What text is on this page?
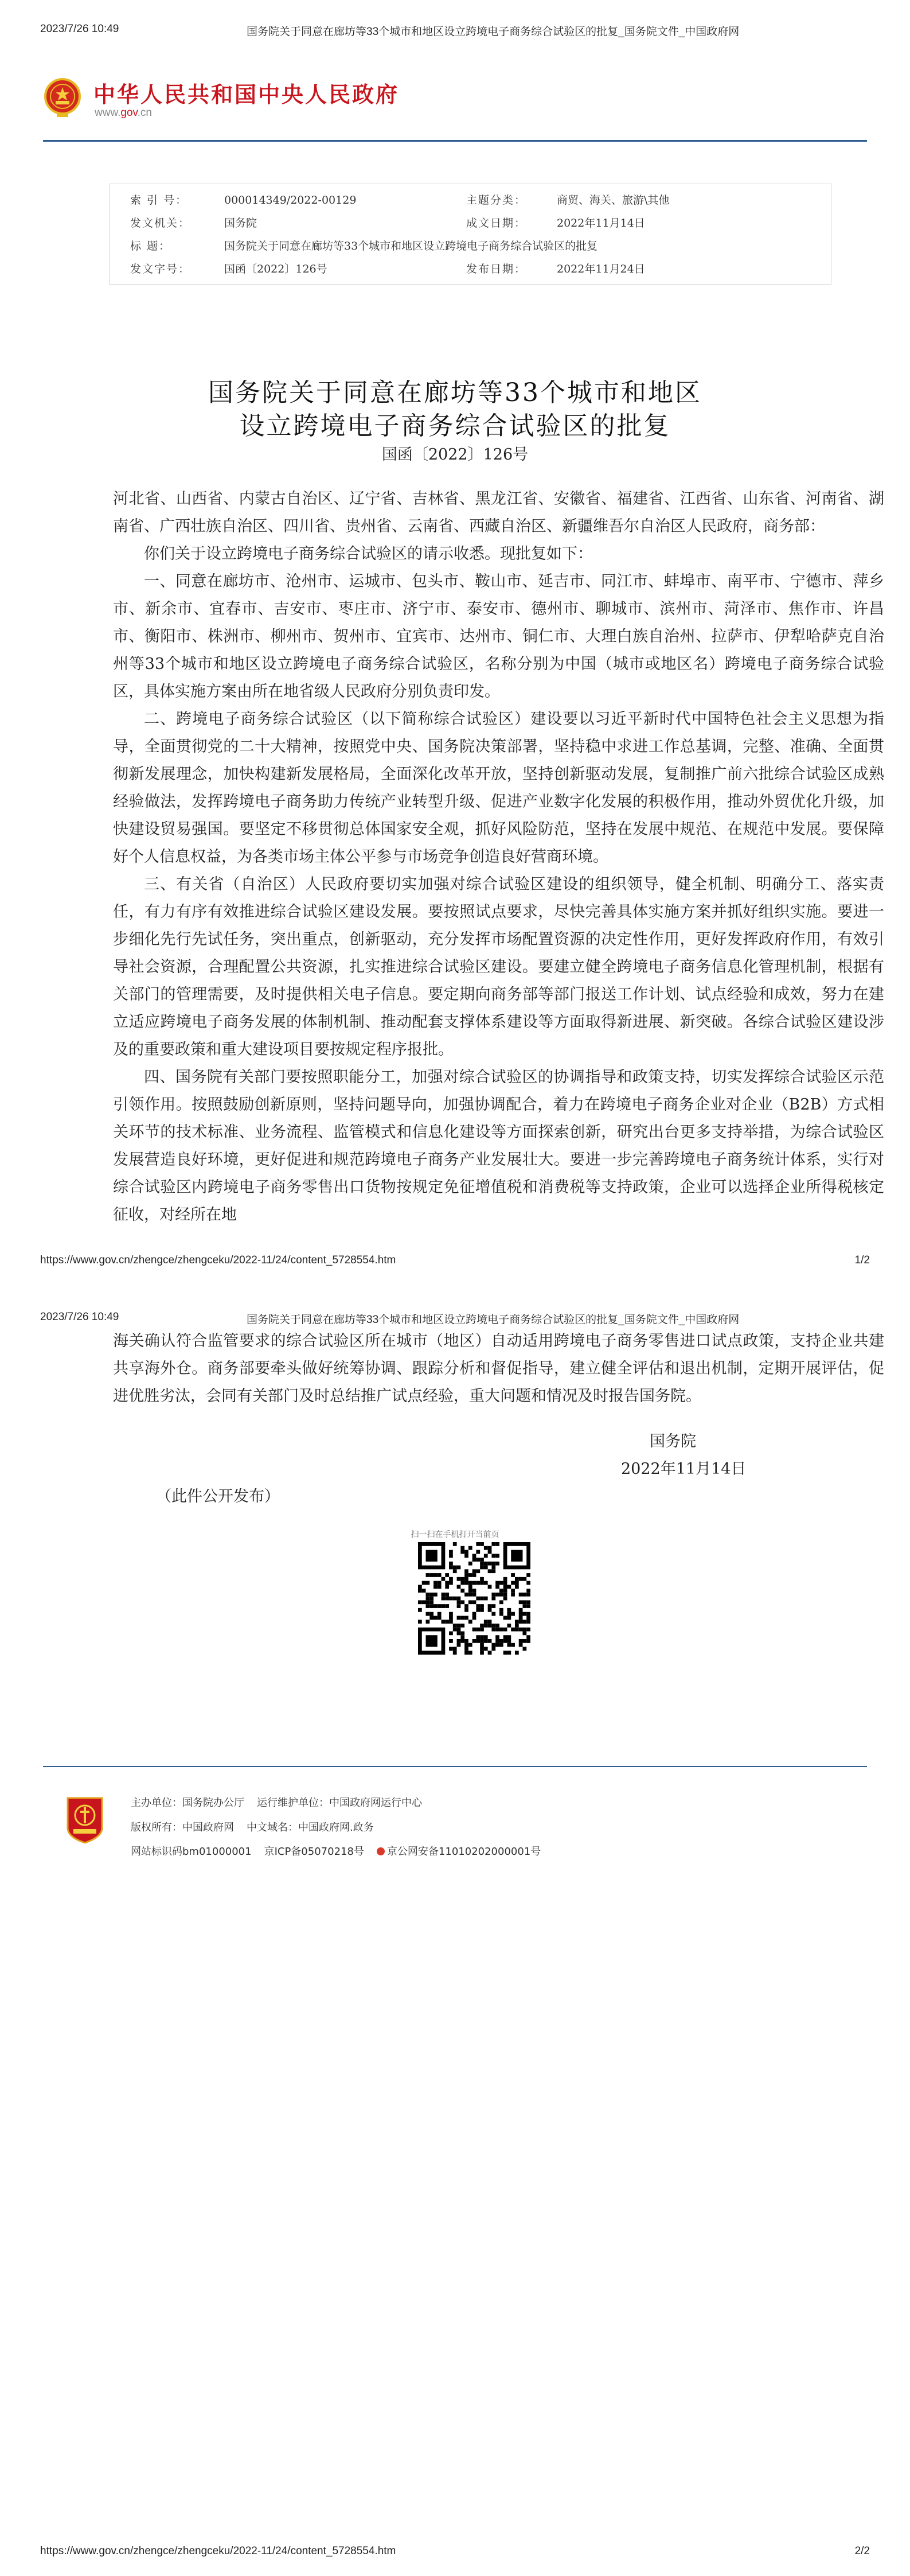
2023/7/26 10:49	国务院关于同意在廊坊等33个城市和地区设立跨境电子商务综合试验区的批复_国务院文件_中国政府网
中华人民共和国中央人民政府
www.gov.cn
索 引 号：	000014349/2022-00129	主题分类：	商贸、海关、旅游\其他
发文机关：	国务院	成文日期：	2022年11月14日
标 题：	国务院关于同意在廊坊等33个城市和地区设立跨境电子商务综合试验区的批复
发文字号：	国函〔2022〕126号	发布日期：	2022年11月24日
国务院关于同意在廊坊等33个城市和地区
设立跨境电子商务综合试验区的批复
国函〔2022〕126号

河北省、山西省、内蒙古自治区、辽宁省、吉林省、黑龙江省、安徽省、福建省、江西省、山东省、河南省、湖南省、广西壮族自治区、四川省、贵州省、云南省、西藏自治区、新疆维吾尔自治区人民政府，商务部：

你们关于设立跨境电子商务综合试验区的请示收悉。现批复如下：

一、同意在廊坊市、沧州市、运城市、包头市、鞍山市、延吉市、同江市、蚌埠市、南平市、宁德市、萍乡市、新余市、宜春市、吉安市、枣庄市、济宁市、泰安市、德州市、聊城市、滨州市、菏泽市、焦作市、许昌市、衡阳市、株洲市、柳州市、贺州市、宜宾市、达州市、铜仁市、大理白族自治州、拉萨市、伊犁哈萨克自治州等33个城市和地区设立跨境电子商务综合试验区，名称分别为中国（城市或地区名）跨境电子商务综合试验区，具体实施方案由所在地省级人民政府分别负责印发。

二、跨境电子商务综合试验区（以下简称综合试验区）建设要以习近平新时代中国特色社会主义思想为指导，全面贯彻党的二十大精神，按照党中央、国务院决策部署，坚持稳中求进工作总基调，完整、准确、全面贯彻新发展理念，加快构建新发展格局，全面深化改革开放，坚持创新驱动发展，复制推广前六批综合试验区成熟经验做法，发挥跨境电子商务助力传统产业转型升级、促进产业数字化发展的积极作用，推动外贸优化升级，加快建设贸易强国。要坚定不移贯彻总体国家安全观，抓好风险防范，坚持在发展中规范、在规范中发展。要保障好个人信息权益，为各类市场主体公平参与市场竞争创造良好营商环境。

三、有关省（自治区）人民政府要切实加强对综合试验区建设的组织领导，健全机制、明确分工、落实责任，有力有序有效推进综合试验区建设发展。要按照试点要求，尽快完善具体实施方案并抓好组织实施。要进一步细化先行先试任务，突出重点，创新驱动，充分发挥市场配置资源的决定性作用，更好发挥政府作用，有效引导社会资源，合理配置公共资源，扎实推进综合试验区建设。要建立健全跨境电子商务信息化管理机制，根据有关部门的管理需要，及时提供相关电子信息。要定期向商务部等部门报送工作计划、试点经验和成效，努力在建立适应跨境电子商务发展的体制机制、推动配套支撑体系建设等方面取得新进展、新突破。各综合试验区建设涉及的重要政策和重大建设项目要按规定程序报批。

四、国务院有关部门要按照职能分工，加强对综合试验区的协调指导和政策支持，切实发挥综合试验区示范引领作用。按照鼓励创新原则，坚持问题导向，加强协调配合，着力在跨境电子商务企业对企业（B2B）方式相关环节的技术标准、业务流程、监管模式和信息化建设等方面探索创新，研究出台更多支持举措，为综合试验区发展营造良好环境，更好促进和规范跨境电子商务产业发展壮大。要进一步完善跨境电子商务统计体系，实行对综合试验区内跨境电子商务零售出口货物按规定免征增值税和消费税等支持政策，企业可以选择企业所得税核定征收，对经所在地

https://www.gov.cn/zhengce/zhengceku/2022-11/24/content_5728554.htm	1/2
2023/7/26 10:49	国务院关于同意在廊坊等33个城市和地区设立跨境电子商务综合试验区的批复_国务院文件_中国政府网

海关确认符合监管要求的综合试验区所在城市（地区）自动适用跨境电子商务零售进口试点政策，支持企业共建共享海外仓。商务部要牵头做好统筹协调、跟踪分析和督促指导，建立健全评估和退出机制，定期开展评估，促进优胜劣汰，会同有关部门及时总结推广试点经验，重大问题和情况及时报告国务院。

国务院
2022年11月14日
（此件公开发布）
扫一扫在手机打开当前页
主办单位：国务院办公厅 运行维护单位：中国政府网运行中心
版权所有：中国政府网 中文域名：中国政府网.政务
网站标识码bm01000001 京ICP备05070218号 京公网安备11010202000001号
https://www.gov.cn/zhengce/zhengceku/2022-11/24/content_5728554.htm	2/2
